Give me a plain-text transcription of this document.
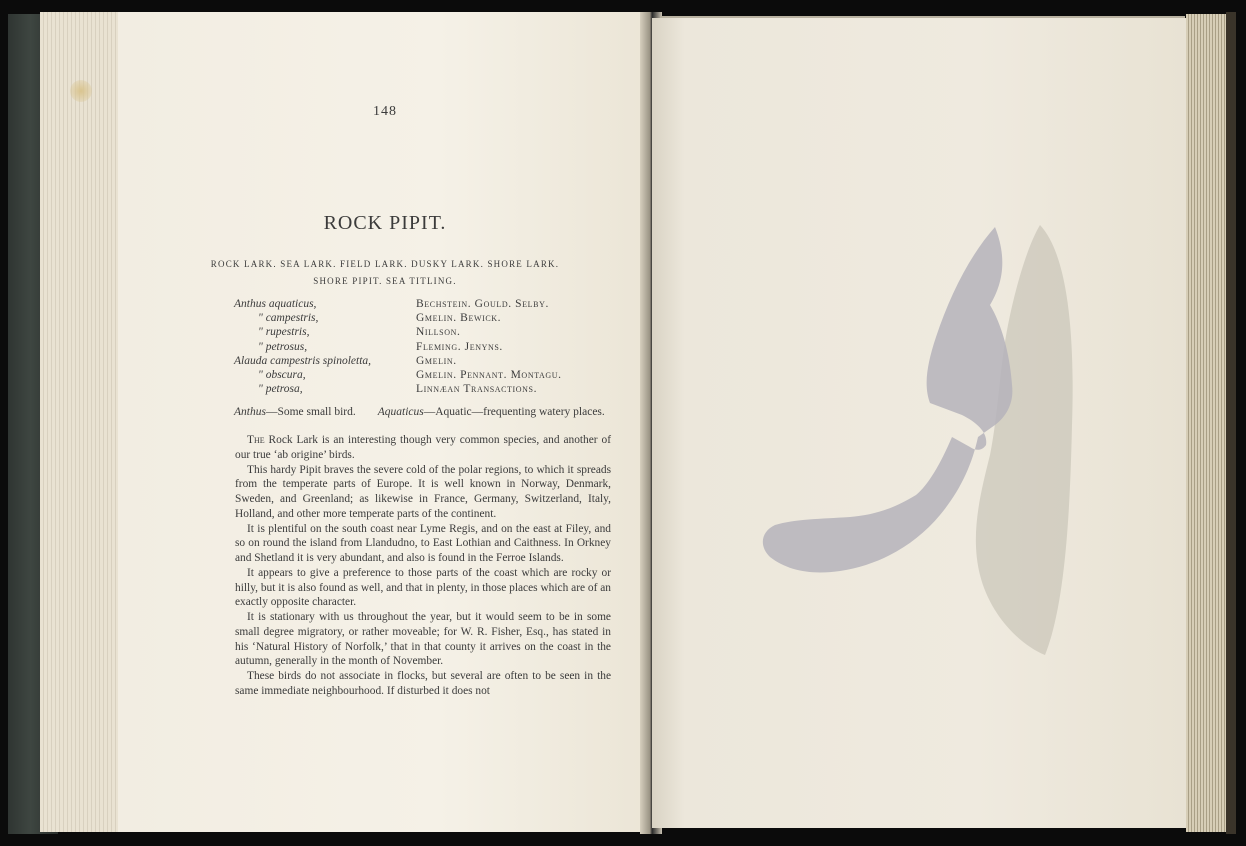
148
ROCK PIPIT.
ROCK LARK. SEA LARK. FIELD LARK. DUSKY LARK. SHORE LARK.
SHORE PIPIT. SEA TITLING.
Anthus aquaticus,	Bechstein. Gould. Selby.
" campestris,	Gmelin. Bewick.
" rupestris,	Nillson.
" petrosus,	Fleming. Jenyns.
Alauda campestris spinoletta,	Gmelin.
" obscura,	Gmelin. Pennant. Montagu.
" petrosa,	Linnæan Transactions.
Anthus—Some small bird. Aquaticus—Aquatic—frequenting watery places.

The Rock Lark is an interesting though very common species, and another of our true ‘ab origine’ birds.

This hardy Pipit braves the severe cold of the polar regions, to which it spreads from the temperate parts of Europe. It is well known in Norway, Denmark, Sweden, and Greenland; as likewise in France, Germany, Switzerland, Italy, Holland, and other more temperate parts of the continent.

It is plentiful on the south coast near Lyme Regis, and on the east at Filey, and so on round the island from Llandudno, to East Lothian and Caithness. In Orkney and Shetland it is very abundant, and also is found in the Ferroe Islands.

It appears to give a preference to those parts of the coast which are rocky or hilly, but it is also found as well, and that in plenty, in those places which are of an exactly opposite character.

It is stationary with us throughout the year, but it would seem to be in some small degree migratory, or rather moveable; for W. R. Fisher, Esq., has stated in his ‘Natural History of Norfolk,’ that in that county it arrives on the coast in the autumn, generally in the month of November.

These birds do not associate in flocks, but several are often to be seen in the same immediate neighbourhood. If disturbed it does not
